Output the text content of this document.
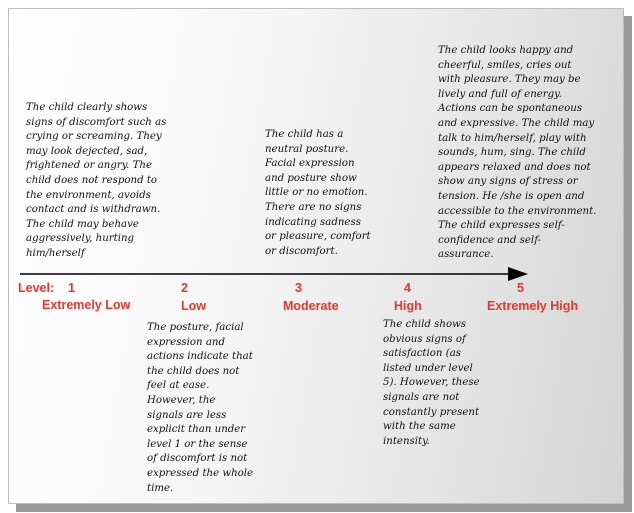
The child clearly shows
signs of discomfort such as
crying or screaming. They
may look dejected, sad,
frightened or angry. The
child does not respond to
the environment, avoids
contact and is withdrawn.
The child may behave
aggressively, hurting
him/herself

The child has a
neutral posture.
Facial expression
and posture show
little or no emotion.
There are no signs
indicating sadness
or pleasure, comfort
or discomfort.

The child looks happy and
cheerful, smiles, cries out
with pleasure. They may be
lively and full of energy.
Actions can be spontaneous
and expressive. The child may
talk to him/herself, play with
sounds, hum, sing. The child
appears relaxed and does not
show any signs of stress or
tension. He /she is open and
accessible to the environment.
The child expresses self-
confidence and self-
assurance.

Level: 1	2	3	4	5
Extremely Low	Low	Moderate	High	Extremely High

The posture, facial
expression and
actions indicate that
the child does not
feel at ease.
However, the
signals are less
explicit than under
level 1 or the sense
of discomfort is not
expressed the whole
time.

The child shows
obvious signs of
satisfaction (as
listed under level
5). However, these
signals are not
constantly present
with the same
intensity.
